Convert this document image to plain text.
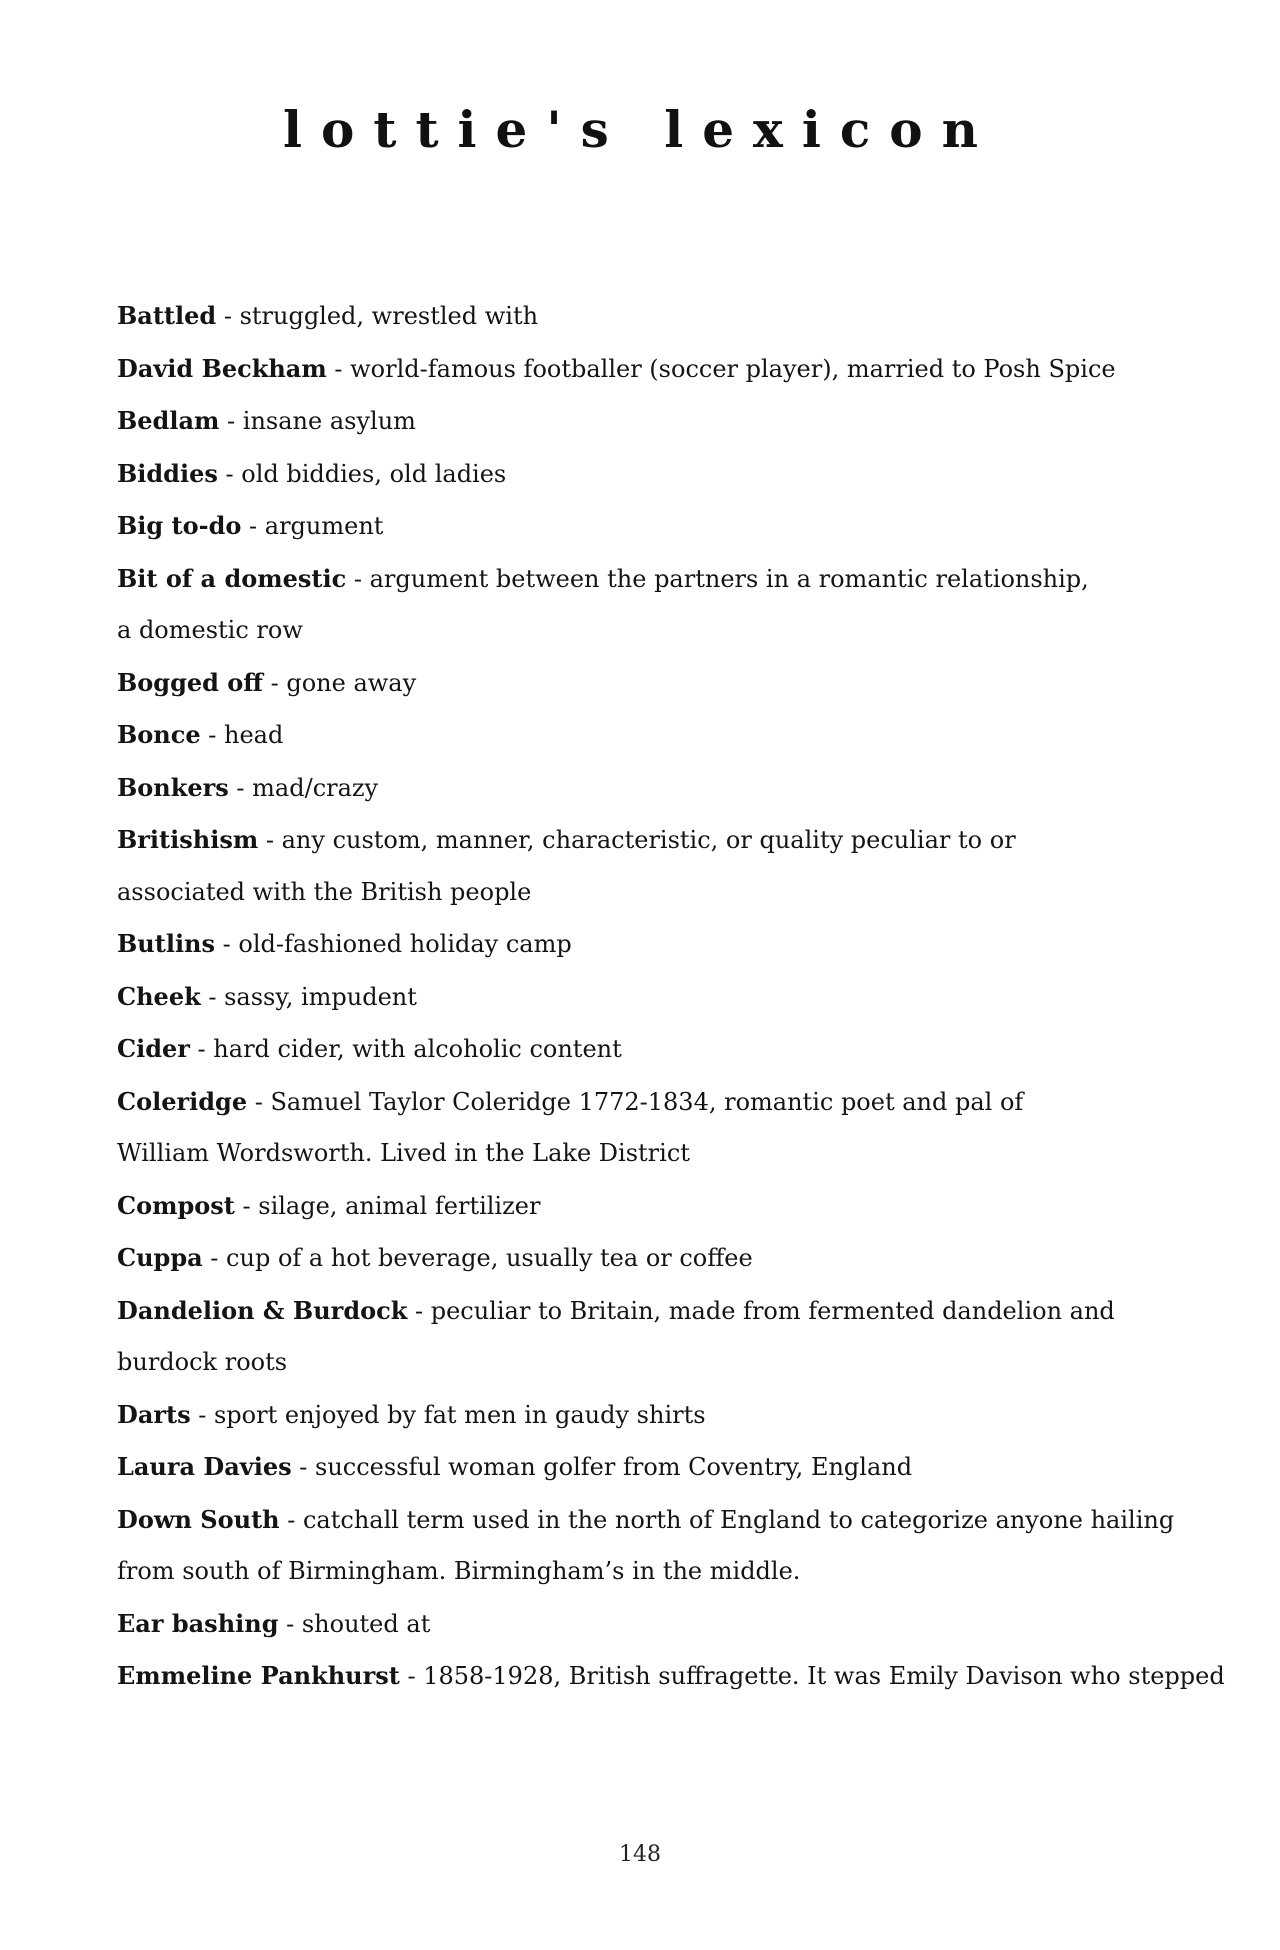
lottie's lexicon
Battled - struggled, wrestled with
David Beckham - world-famous footballer (soccer player), married to Posh Spice
Bedlam - insane asylum
Biddies - old biddies, old ladies
Big to-do - argument
Bit of a domestic - argument between the partners in a romantic relationship,
a domestic row
Bogged off - gone away
Bonce - head
Bonkers - mad/crazy
Britishism - any custom, manner, characteristic, or quality peculiar to or
associated with the British people
Butlins - old-fashioned holiday camp
Cheek - sassy, impudent
Cider - hard cider, with alcoholic content
Coleridge - Samuel Taylor Coleridge 1772-1834, romantic poet and pal of
William Wordsworth. Lived in the Lake District
Compost - silage, animal fertilizer
Cuppa - cup of a hot beverage, usually tea or coffee
Dandelion & Burdock - peculiar to Britain, made from fermented dandelion and
burdock roots
Darts - sport enjoyed by fat men in gaudy shirts
Laura Davies - successful woman golfer from Coventry, England
Down South - catchall term used in the north of England to categorize anyone hailing
from south of Birmingham. Birmingham’s in the middle.
Ear bashing - shouted at
Emmeline Pankhurst - 1858-1928, British suffragette. It was Emily Davison who stepped
148
